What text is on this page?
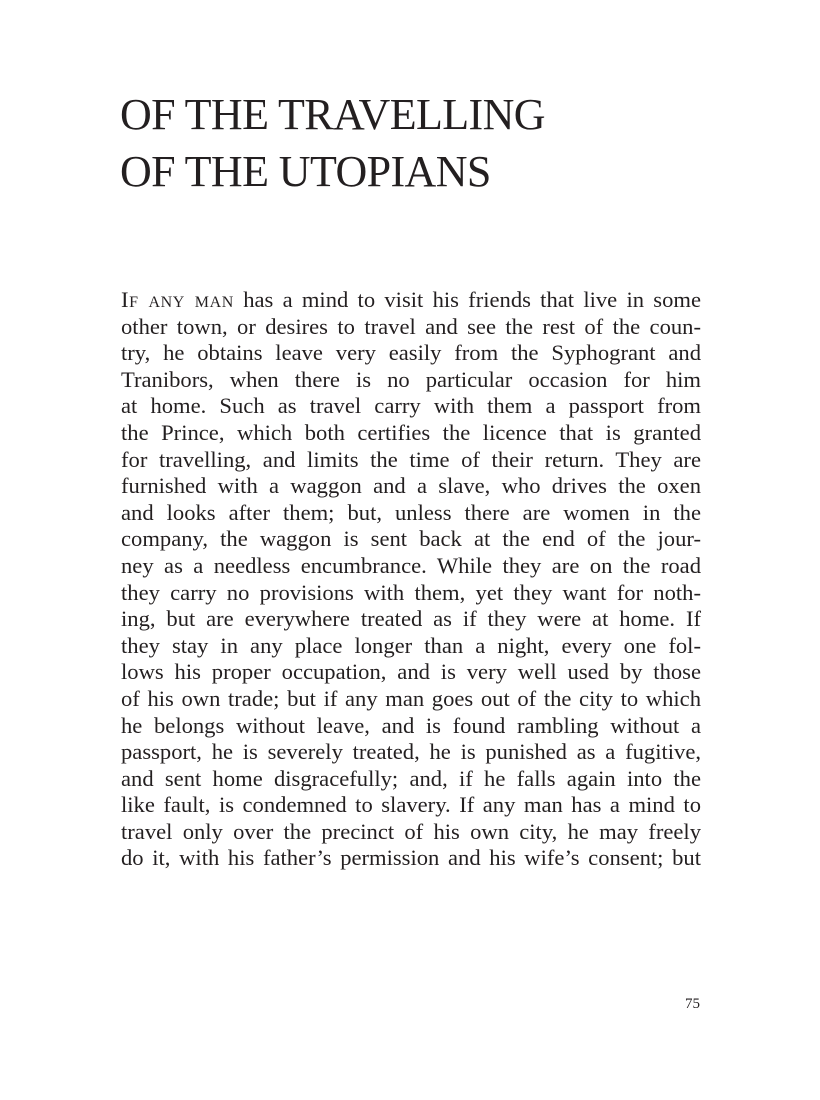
OF THE TRAVELLING
OF THE UTOPIANS
If any man has a mind to visit his friends that live in some
other town, or desires to travel and see the rest of the coun-
try, he obtains leave very easily from the Syphogrant and
Tranibors, when there is no particular occasion for him
at home. Such as travel carry with them a passport from
the Prince, which both certifies the licence that is granted
for travelling, and limits the time of their return. They are
furnished with a waggon and a slave, who drives the oxen
and looks after them; but, unless there are women in the
company, the waggon is sent back at the end of the jour-
ney as a needless encumbrance. While they are on the road
they carry no provisions with them, yet they want for noth-
ing, but are everywhere treated as if they were at home. If
they stay in any place longer than a night, every one fol-
lows his proper occupation, and is very well used by those
of his own trade; but if any man goes out of the city to which
he belongs without leave, and is found rambling without a
passport, he is severely treated, he is punished as a fugitive,
and sent home disgracefully; and, if he falls again into the
like fault, is condemned to slavery. If any man has a mind to
travel only over the precinct of his own city, he may freely
do it, with his father’s permission and his wife’s consent; but
75
